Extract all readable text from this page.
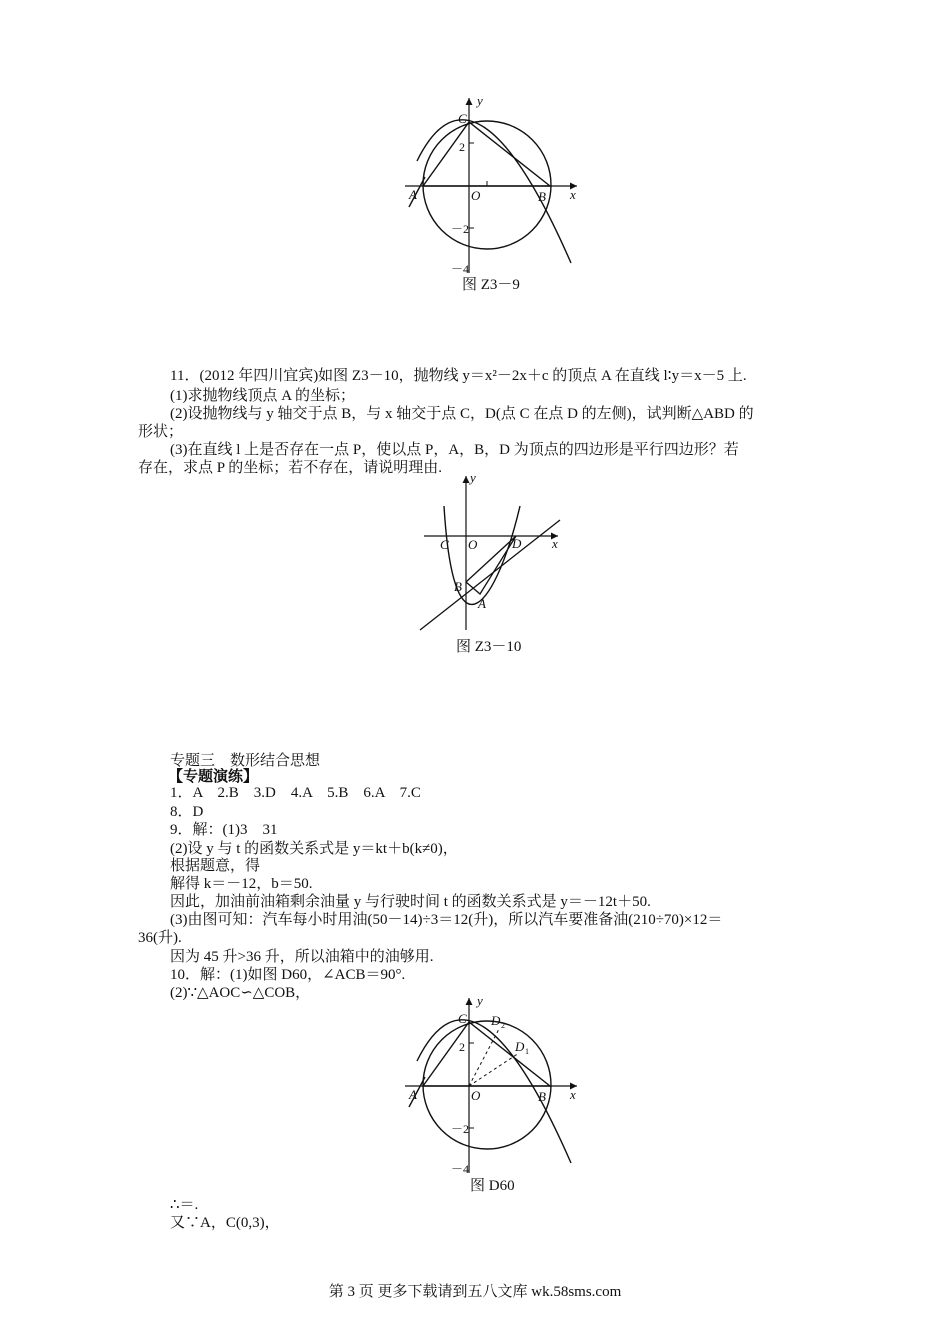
y
x
C
A	O	B
2
－2
－4
图 Z3－9
11．(2012 年四川宜宾)如图 Z3－10，抛物线 y＝x²－2x＋c 的顶点 A 在直线 l∶y＝x－5 上.
(1)求抛物线顶点 A 的坐标；
(2)设抛物线与 y 轴交于点 B，与 x 轴交于点 C，D(点 C 在点 D 的左侧)，试判断△ABD 的
形状；
(3)在直线 l 上是否存在一点 P，使以点 P，A，B，D 为顶点的四边形是平行四边形？若
存在，求点 P 的坐标；若不存在，请说明理由.
y
x
C O	D
B
A
图 Z3－10
专题三　数形结合思想
【专题演练】
1．A　2.B　3.D　4.A　5.B　6.A　7.C
8．D
9．解：(1)3　31
(2)设 y 与 t 的函数关系式是 y＝kt＋b(k≠0)，
根据题意，得
解得 k＝－12，b＝50.
因此，加油前油箱剩余油量 y 与行驶时间 t 的函数关系式是 y＝－12t＋50.
(3)由图可知：汽车每小时用油(50－14)÷3＝12(升)，所以汽车要准备油(210÷70)×12＝
36(升).
因为 45 升>36 升，所以油箱中的油够用.
10．解：(1)如图 D60，∠ACB＝90°.
(2)∵△AOC∽△COB，	y
x
C
A	O	B
D 2
D 1
2
－2
－4
图 D60
∴＝.
又∵A，C(0,3)，
第 3 页 更多下载请到五八文库 wk.58sms.com
